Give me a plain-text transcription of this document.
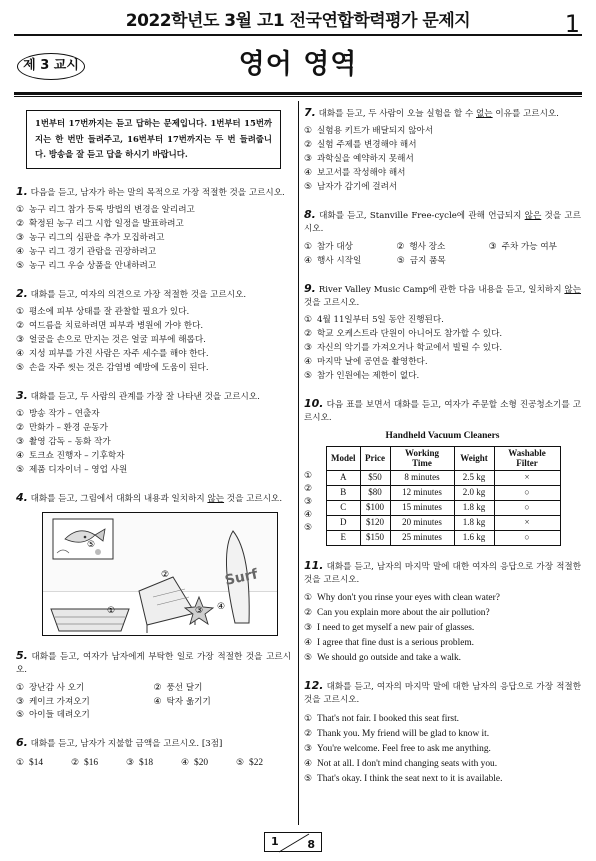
2022학년도 3월 고1 전국연합학력평가 문제지	1
제 3 교시	영어 영역
1번부터 17번까지는 듣고 답하는 문제입니다. 1번부터 15번까지는 한 번만 들려주고, 16번부터 17번까지는 두 번 들려줍니다. 방송을 잘 듣고 답을 하시기 바랍니다.
1. 다음을 듣고, 남자가 하는 말의 목적으로 가장 적절한 것을 고르시오.
① 농구 리그 참가 등록 방법의 변경을 알리려고
② 확정된 농구 리그 시합 일정을 발표하려고
③ 농구 리그의 심판을 추가 모집하려고
④ 농구 리그 경기 관람을 권장하려고
⑤ 농구 리그 우승 상품을 안내하려고
2. 대화를 듣고, 여자의 의견으로 가장 적절한 것을 고르시오.
① 평소에 피부 상태를 잘 관찰할 필요가 있다.
② 여드름을 치료하려면 피부과 병원에 가야 한다.
③ 얼굴을 손으로 만지는 것은 얼굴 피부에 해롭다.
④ 지성 피부를 가진 사람은 자주 세수를 해야 한다.
⑤ 손을 자주 씻는 것은 감염병 예방에 도움이 된다.
3. 대화를 듣고, 두 사람의 관계를 가장 잘 나타낸 것을 고르시오.
① 방송 작가 – 연출자
② 만화가 – 환경 운동가
③ 촬영 감독 – 동화 작가
④ 토크쇼 진행자 – 기후학자
⑤ 제품 디자이너 – 영업 사원
4. 대화를 듣고, 그림에서 대화의 내용과 일치하지 않는 것을 고르시오.
Surf
①
②
③ ④
⑤
5. 대화를 듣고, 여자가 남자에게 부탁한 일로 가장 적절한 것을 고르시오.
① 장난감 사 오기	② 풍선 달기
③ 케이크 가져오기	④ 탁자 옮기기
⑤ 아이들 데려오기
6. 대화를 듣고, 남자가 지불할 금액을 고르시오. [3점]
① $14	② $16	③ $18	④ $20	⑤ $22
7. 대화를 듣고, 두 사람이 오늘 실험을 할 수 없는 이유를 고르시오.
① 실험용 키트가 배달되지 않아서
② 실험 주제를 변경해야 해서
③ 과학실을 예약하지 못해서
④ 보고서를 작성해야 해서
⑤ 남자가 감기에 걸려서
8. 대화를 듣고, Stanville Free-cycle에 관해 언급되지 않은 것을 고르시오.
① 참가 대상	② 행사 장소	③ 주차 가능 여부
④ 행사 시작일	⑤ 금지 품목
9. River Valley Music Camp에 관한 다음 내용을 듣고, 일치하지 않는 것을 고르시오.
① 4월 11일부터 5일 동안 진행된다.
② 학교 오케스트라 단원이 아니어도 참가할 수 있다.
③ 자신의 악기를 가져오거나 학교에서 빌릴 수 있다.
④ 마지막 날에 공연을 촬영한다.
⑤ 참가 인원에는 제한이 없다.
10. 다음 표를 보면서 대화를 듣고, 여자가 주문할 소형 진공청소기를 고르시오.
Handheld Vacuum Cleaners
①
②
③
④
⑤
Model	Price	Working Time	Weight	Washable Filter
A	$50	8 minutes	2.5 kg	×
B	$80	12 minutes	2.0 kg	○
C	$100	15 minutes	1.8 kg	○
D	$120	20 minutes	1.8 kg	×
E	$150	25 minutes	1.6 kg	○
11. 대화를 듣고, 남자의 마지막 말에 대한 여자의 응답으로 가장 적절한 것을 고르시오.
① Why don't you rinse your eyes with clean water?
② Can you explain more about the air pollution?
③ I need to get myself a new pair of glasses.
④ I agree that fine dust is a serious problem.
⑤ We should go outside and take a walk.
12. 대화를 듣고, 여자의 마지막 말에 대한 남자의 응답으로 가장 적절한 것을 고르시오.
① That's not fair. I booked this seat first.
② Thank you. My friend will be glad to know it.
③ You're welcome. Feel free to ask me anything.
④ Not at all. I don't mind changing seats with you.
⑤ That's okay. I think the seat next to it is available.
1	8
